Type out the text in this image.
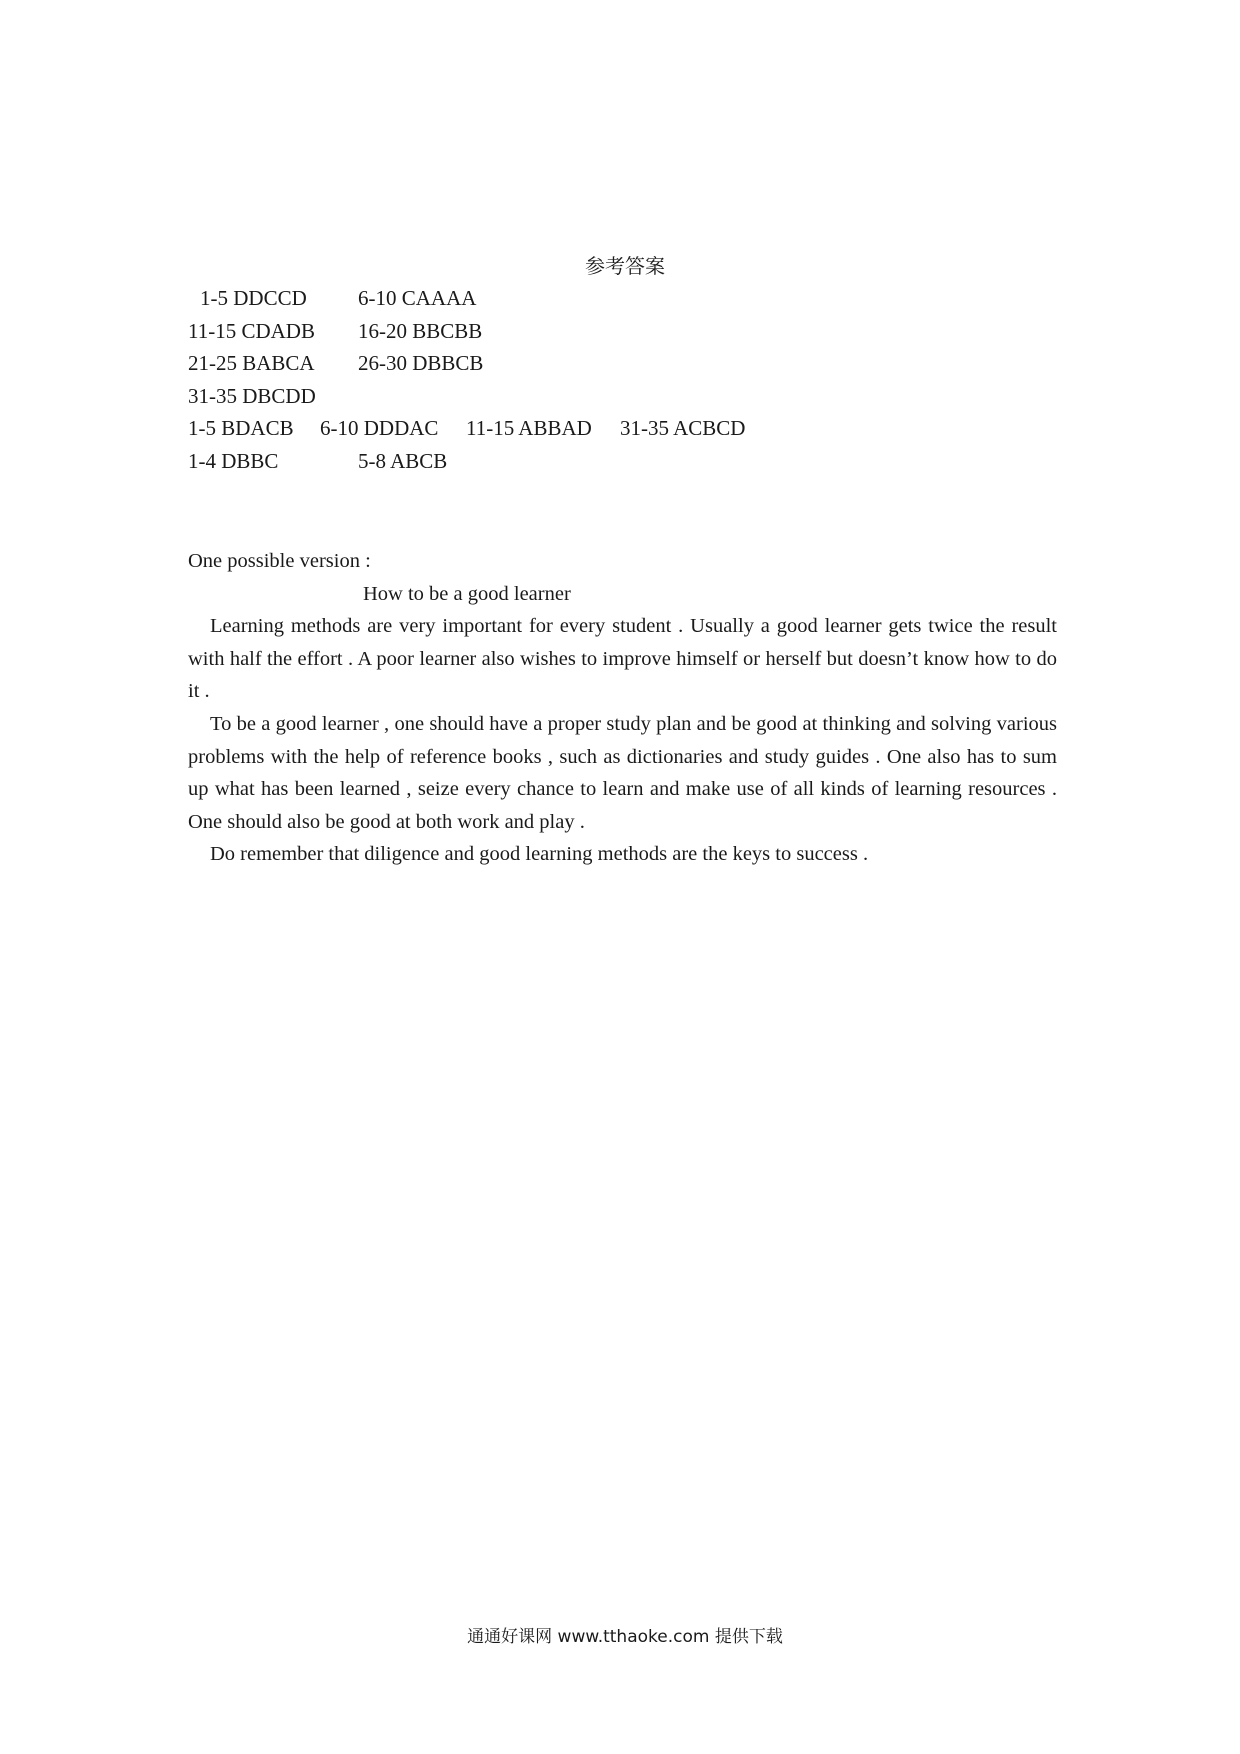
参考答案
1-5 DDCCD 6-10 CAAAA
11-15 CDADB 16-20 BBCBB
21-25 BABCA 26-30 DBBCB
31-35 DBCDD
1-5 BDACB 6-10 DDDAC 11-15 ABBAD 31-35 ACBCD
1-4 DBBC	5-8 ABCB
One possible version :
How to be a good learner

Learning methods are very important for every student . Usually a good learner gets twice the result with half the effort . A poor learner also wishes to improve himself or herself but doesn’t know how to do it .

To be a good learner , one should have a proper study plan and be good at thinking and solving various problems with the help of reference books , such as dictionaries and study guides . One also has to sum up what has been learned , seize every chance to learn and make use of all kinds of learning resources . One should also be good at both work and play .

Do remember that diligence and good learning methods are the keys to success .

通通好课网 www.tthaoke.com 提供下载
